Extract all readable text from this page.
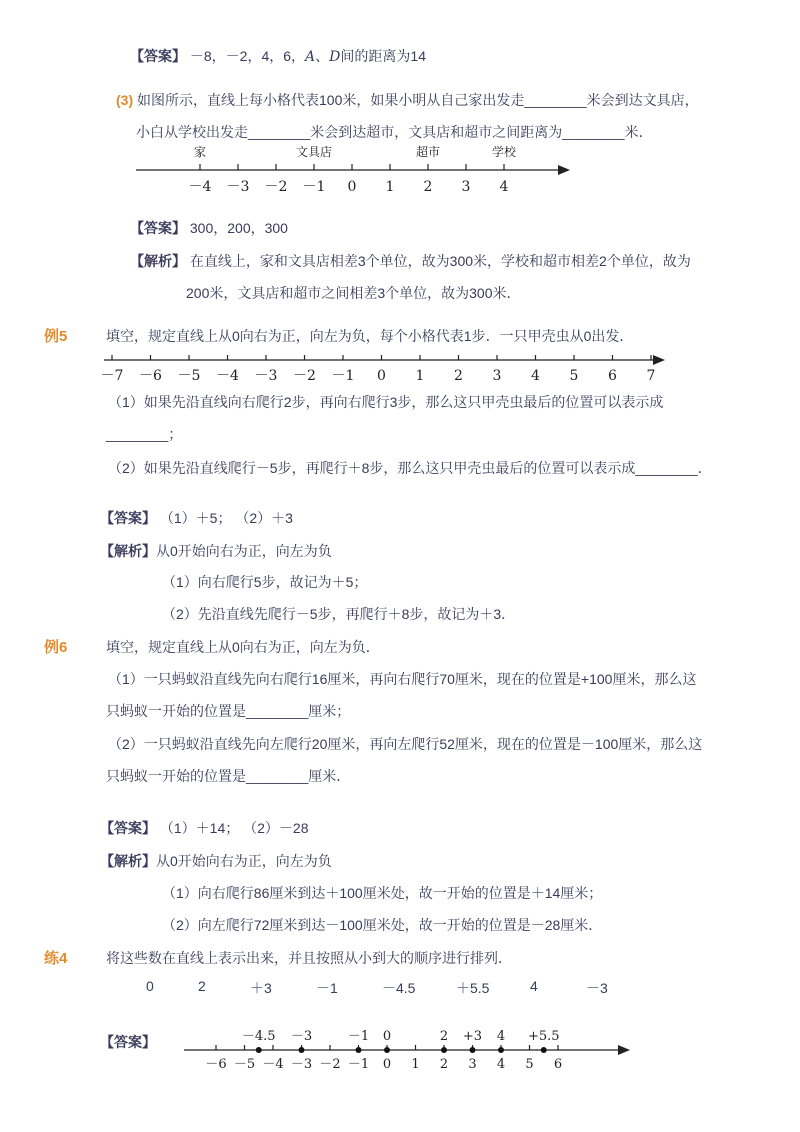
【答案】 －8，－2，4，6，A、D间的距离为14
(3) 如图所示，直线上每小格代表100米，如果小明从自己家出发走________米会到达文具店，
小白从学校出发走________米会到达超市，文具店和超市之间距离为________米．
－4 －3 －2 －1 0 1 2 3 4
家	文具店	超市	学校
【答案】 300，200，300
【解析】 在直线上，家和文具店相差3个单位，故为300米，学校和超市相差2个单位，故为
200米，文具店和超市之间相差3个单位，故为300米．
例5	填空，规定直线上从0向右为正，向左为负，每个小格代表1步．一只甲壳虫从0出发．
－7 －6 －5 －4 －3 －2 －1 0 1 2 3 4 5 6 7
（1）如果先沿直线向右爬行2步，再向右爬行3步，那么这只甲壳虫最后的位置可以表示成
________；
（2）如果先沿直线爬行－5步，再爬行＋8步，那么这只甲壳虫最后的位置可以表示成________．
【答案】 （1）＋5； （2）＋3
【解析】从0开始向右为正，向左为负
（1）向右爬行5步，故记为＋5；
（2）先沿直线先爬行－5步，再爬行＋8步，故记为＋3．
例6	填空，规定直线上从0向右为正，向左为负．
（1）一只蚂蚁沿直线先向右爬行16厘米，再向右爬行70厘米，现在的位置是+100厘米，那么这
只蚂蚁一开始的位置是________厘米；
（2）一只蚂蚁沿直线先向左爬行20厘米，再向左爬行52厘米，现在的位置是－100厘米，那么这
只蚂蚁一开始的位置是________厘米．
【答案】 （1）＋14； （2）－28
【解析】从0开始向右为正，向左为负
（1）向右爬行86厘米到达＋100厘米处，故一开始的位置是＋14厘米；
（2）向左爬行72厘米到达－100厘米处，故一开始的位置是－28厘米．
练4	将这些数在直线上表示出来，并且按照从小到大的顺序进行排列．
0	2	＋3	－1	－4.5	＋5.5	4	－3
【答案】
－6 －5 －4 －3 －2 －1 0 1 2 3 4 5 6
－4.5 －3	－1 0	2 +3 4 +5.5
